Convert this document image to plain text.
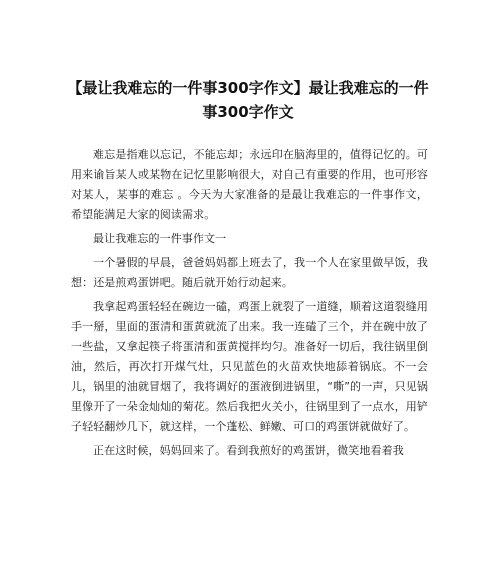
【最让我难忘的一件事300字作文】最让我难忘的一件事300字作文

难忘是指难以忘记，不能忘却；永远印在脑海里的，值得记忆的。可用来谕旨某人或某物在记忆里影响很大，对自己有重要的作用，也可形容对某人，某事的难忘 。今天为大家准备的是最让我难忘的一件事作文，希望能满足大家的阅读需求。

最让我难忘的一件事作文一

一个暑假的早晨，爸爸妈妈都上班去了，我一个人在家里做早饭，我想：还是煎鸡蛋饼吧。随后就开始行动起来。

我拿起鸡蛋轻轻在碗边一磕，鸡蛋上就裂了一道缝，顺着这道裂缝用手一掰，里面的蛋清和蛋黄就流了出来。我一连磕了三个，并在碗中放了一些盐，又拿起筷子将蛋清和蛋黄搅拌均匀。准备好一切后，我往锅里倒油，然后，再次打开煤气灶，只见蓝色的火苗欢快地舔着锅底。不一会儿，锅里的油就冒烟了，我将调好的蛋液倒进锅里，“嘶”的一声，只见锅里像开了一朵金灿灿的菊花。然后我把火关小，往锅里到了一点水，用铲子轻轻翻炒几下，就这样，一个蓬松、鲜嫩、可口的鸡蛋饼就做好了。

正在这时候，妈妈回来了。看到我煎好的鸡蛋饼，微笑地看着我
